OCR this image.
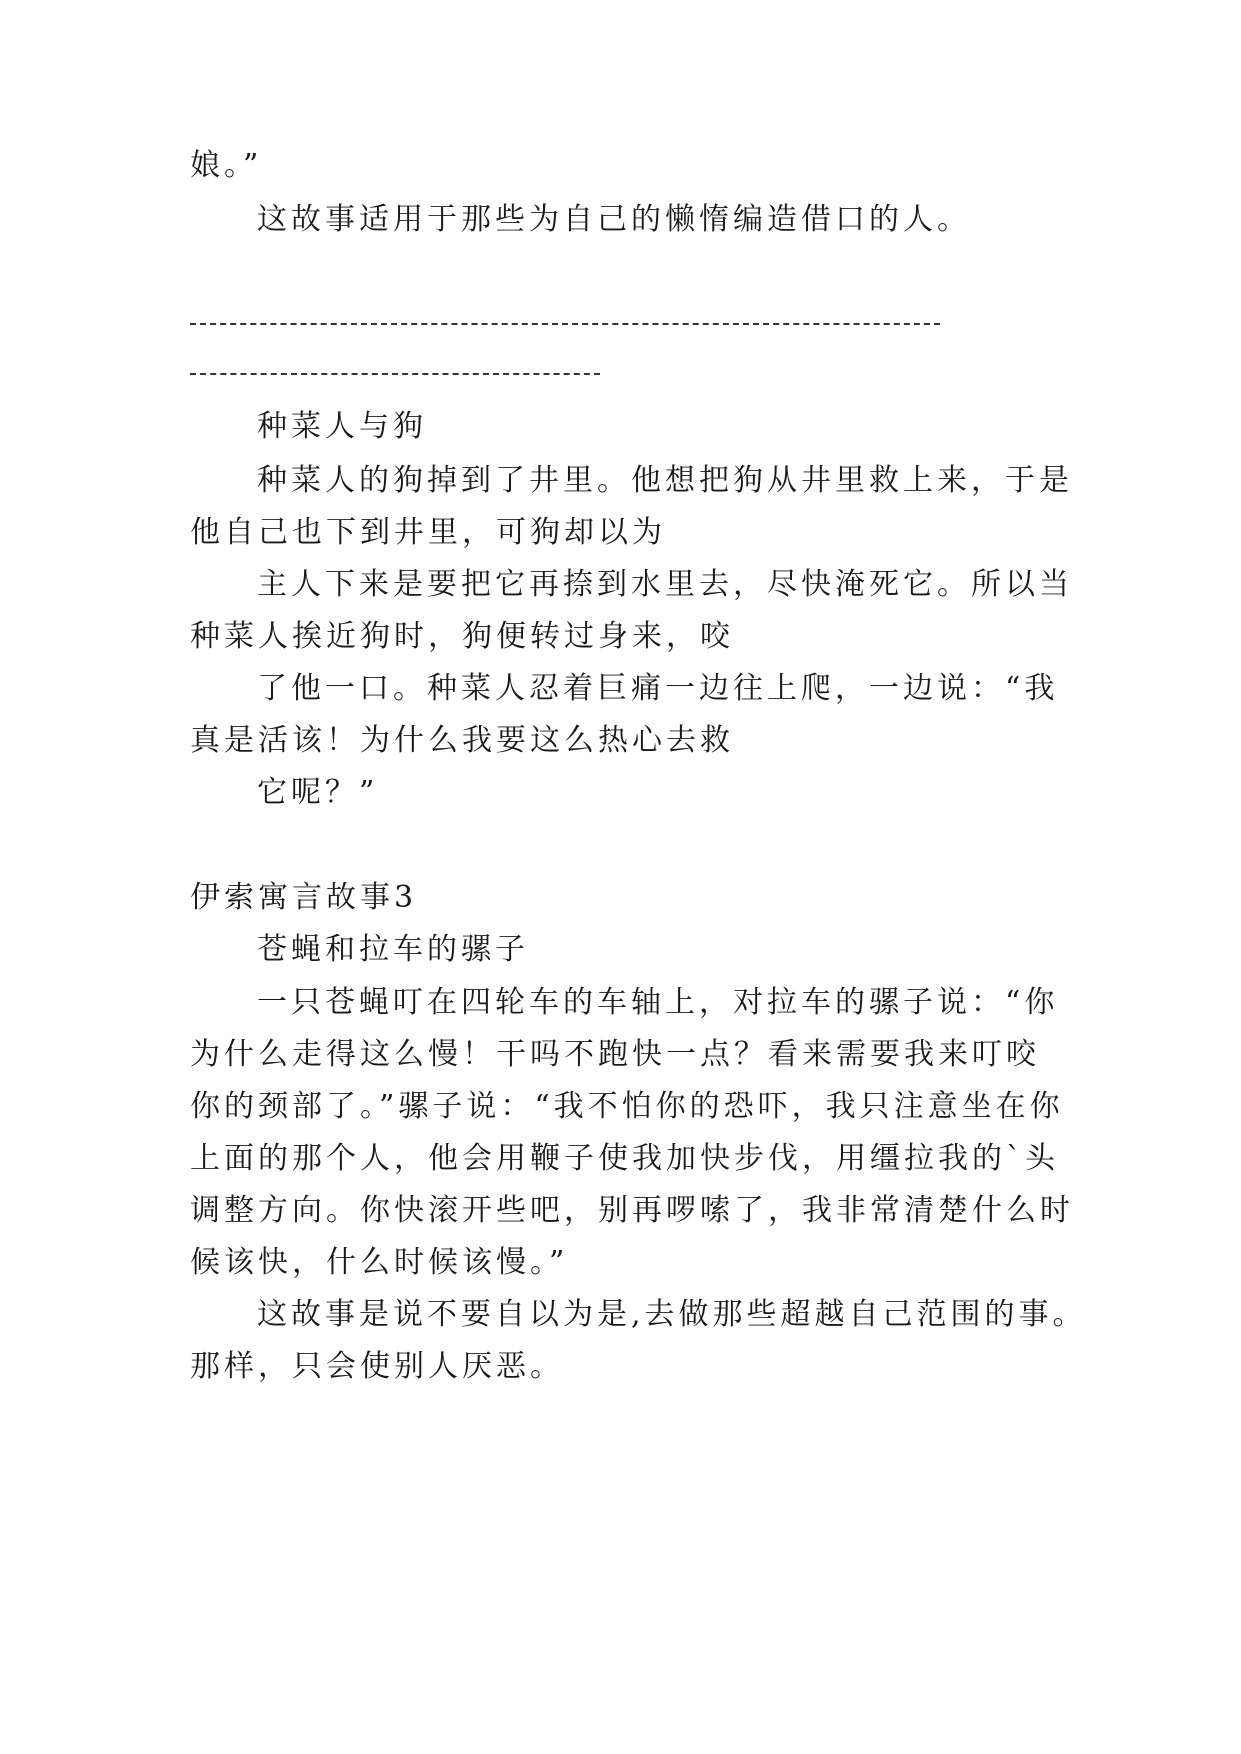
娘。”
这故事适用于那些为自己的懒惰编造借口的人。
种菜人与狗
种菜人的狗掉到了井里。他想把狗从井里救上来，于是
他自己也下到井里，可狗却以为
主人下来是要把它再捺到水里去，尽快淹死它。所以当
种菜人挨近狗时，狗便转过身来，咬
了他一口。种菜人忍着巨痛一边往上爬，一边说：“我
真是活该！为什么我要这么热心去救
它呢？”
伊索寓言故事3
苍蝇和拉车的骡子
一只苍蝇叮在四轮车的车轴上，对拉车的骡子说：“你
为什么走得这么慢！干吗不跑快一点？看来需要我来叮咬
你的颈部了。”骡子说：“我不怕你的恐吓，我只注意坐在你
上面的那个人，他会用鞭子使我加快步伐，用缰拉我的`头
调整方向。你快滚开些吧，别再啰嗦了，我非常清楚什么时
候该快，什么时候该慢。”
这故事是说不要自以为是,去做那些超越自己范围的事。
那样，只会使别人厌恶。
